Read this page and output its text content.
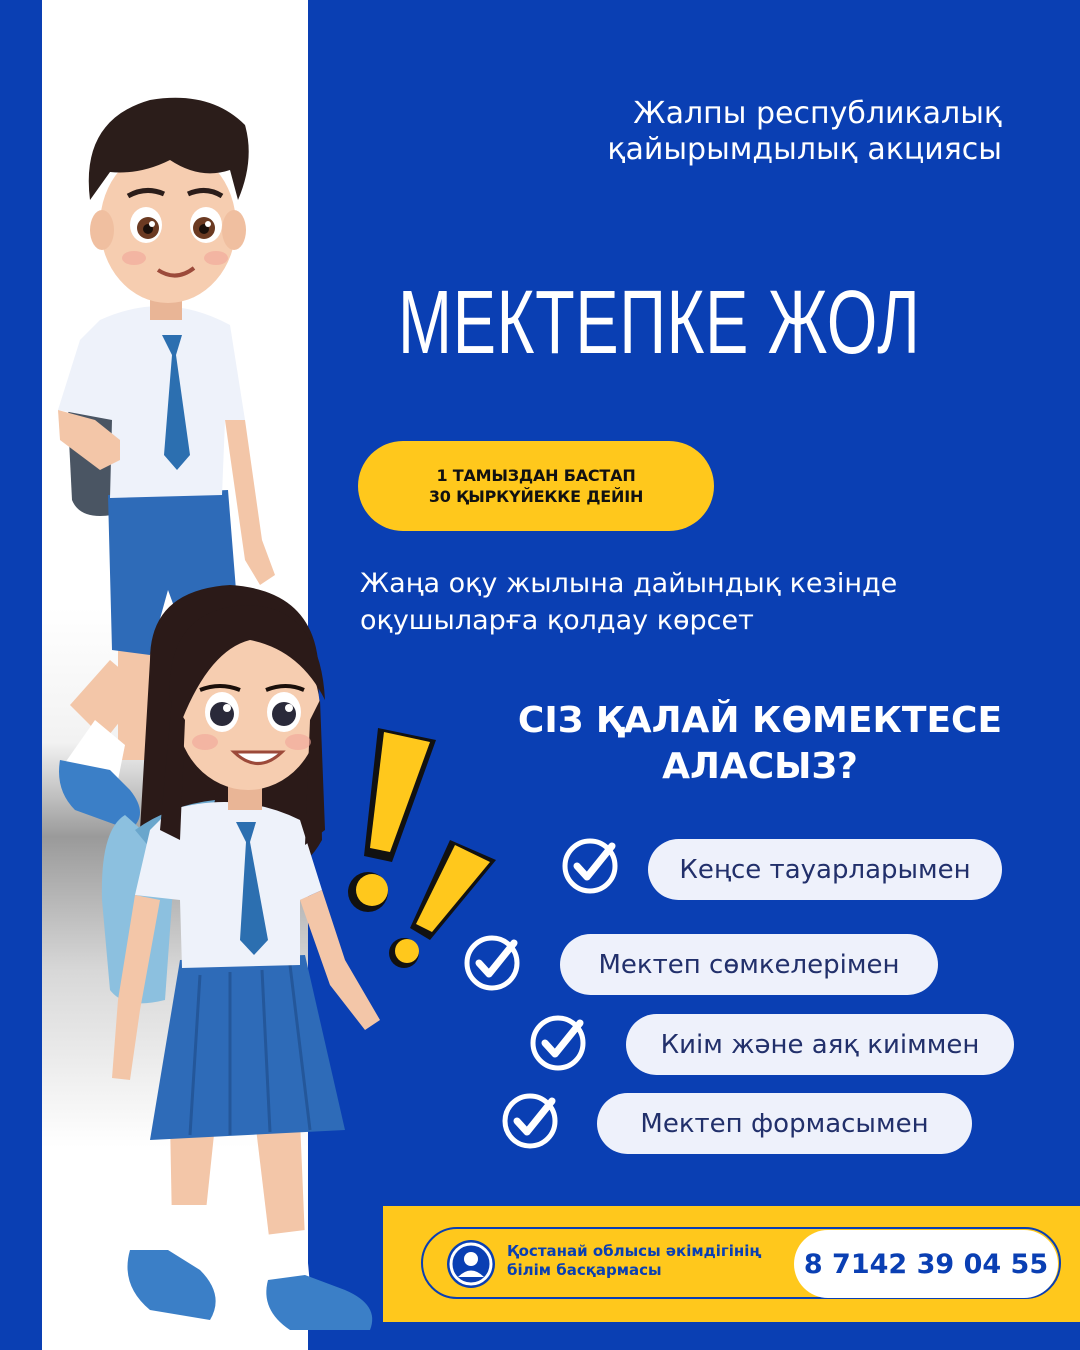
Жалпы республикалық
қайырымдылық акциясы
МЕКТЕПКЕ ЖОЛ
1 ТАМЫЗДАН БАСТАП
30 ҚЫРКҮЙЕККЕ ДЕЙІН
Жаңа оқу жылына дайындық кезінде
оқушыларға қолдау көрсет
СІЗ ҚАЛАЙ КӨМЕКТЕСЕ
АЛАСЫЗ?
Кеңсе тауарларымен
Мектеп сөмкелерімен
Киім және аяқ киіммен
Мектеп формасымен
Қостанай облысы әкімдігінің
білім басқармасы	8 7142 39 04 55
